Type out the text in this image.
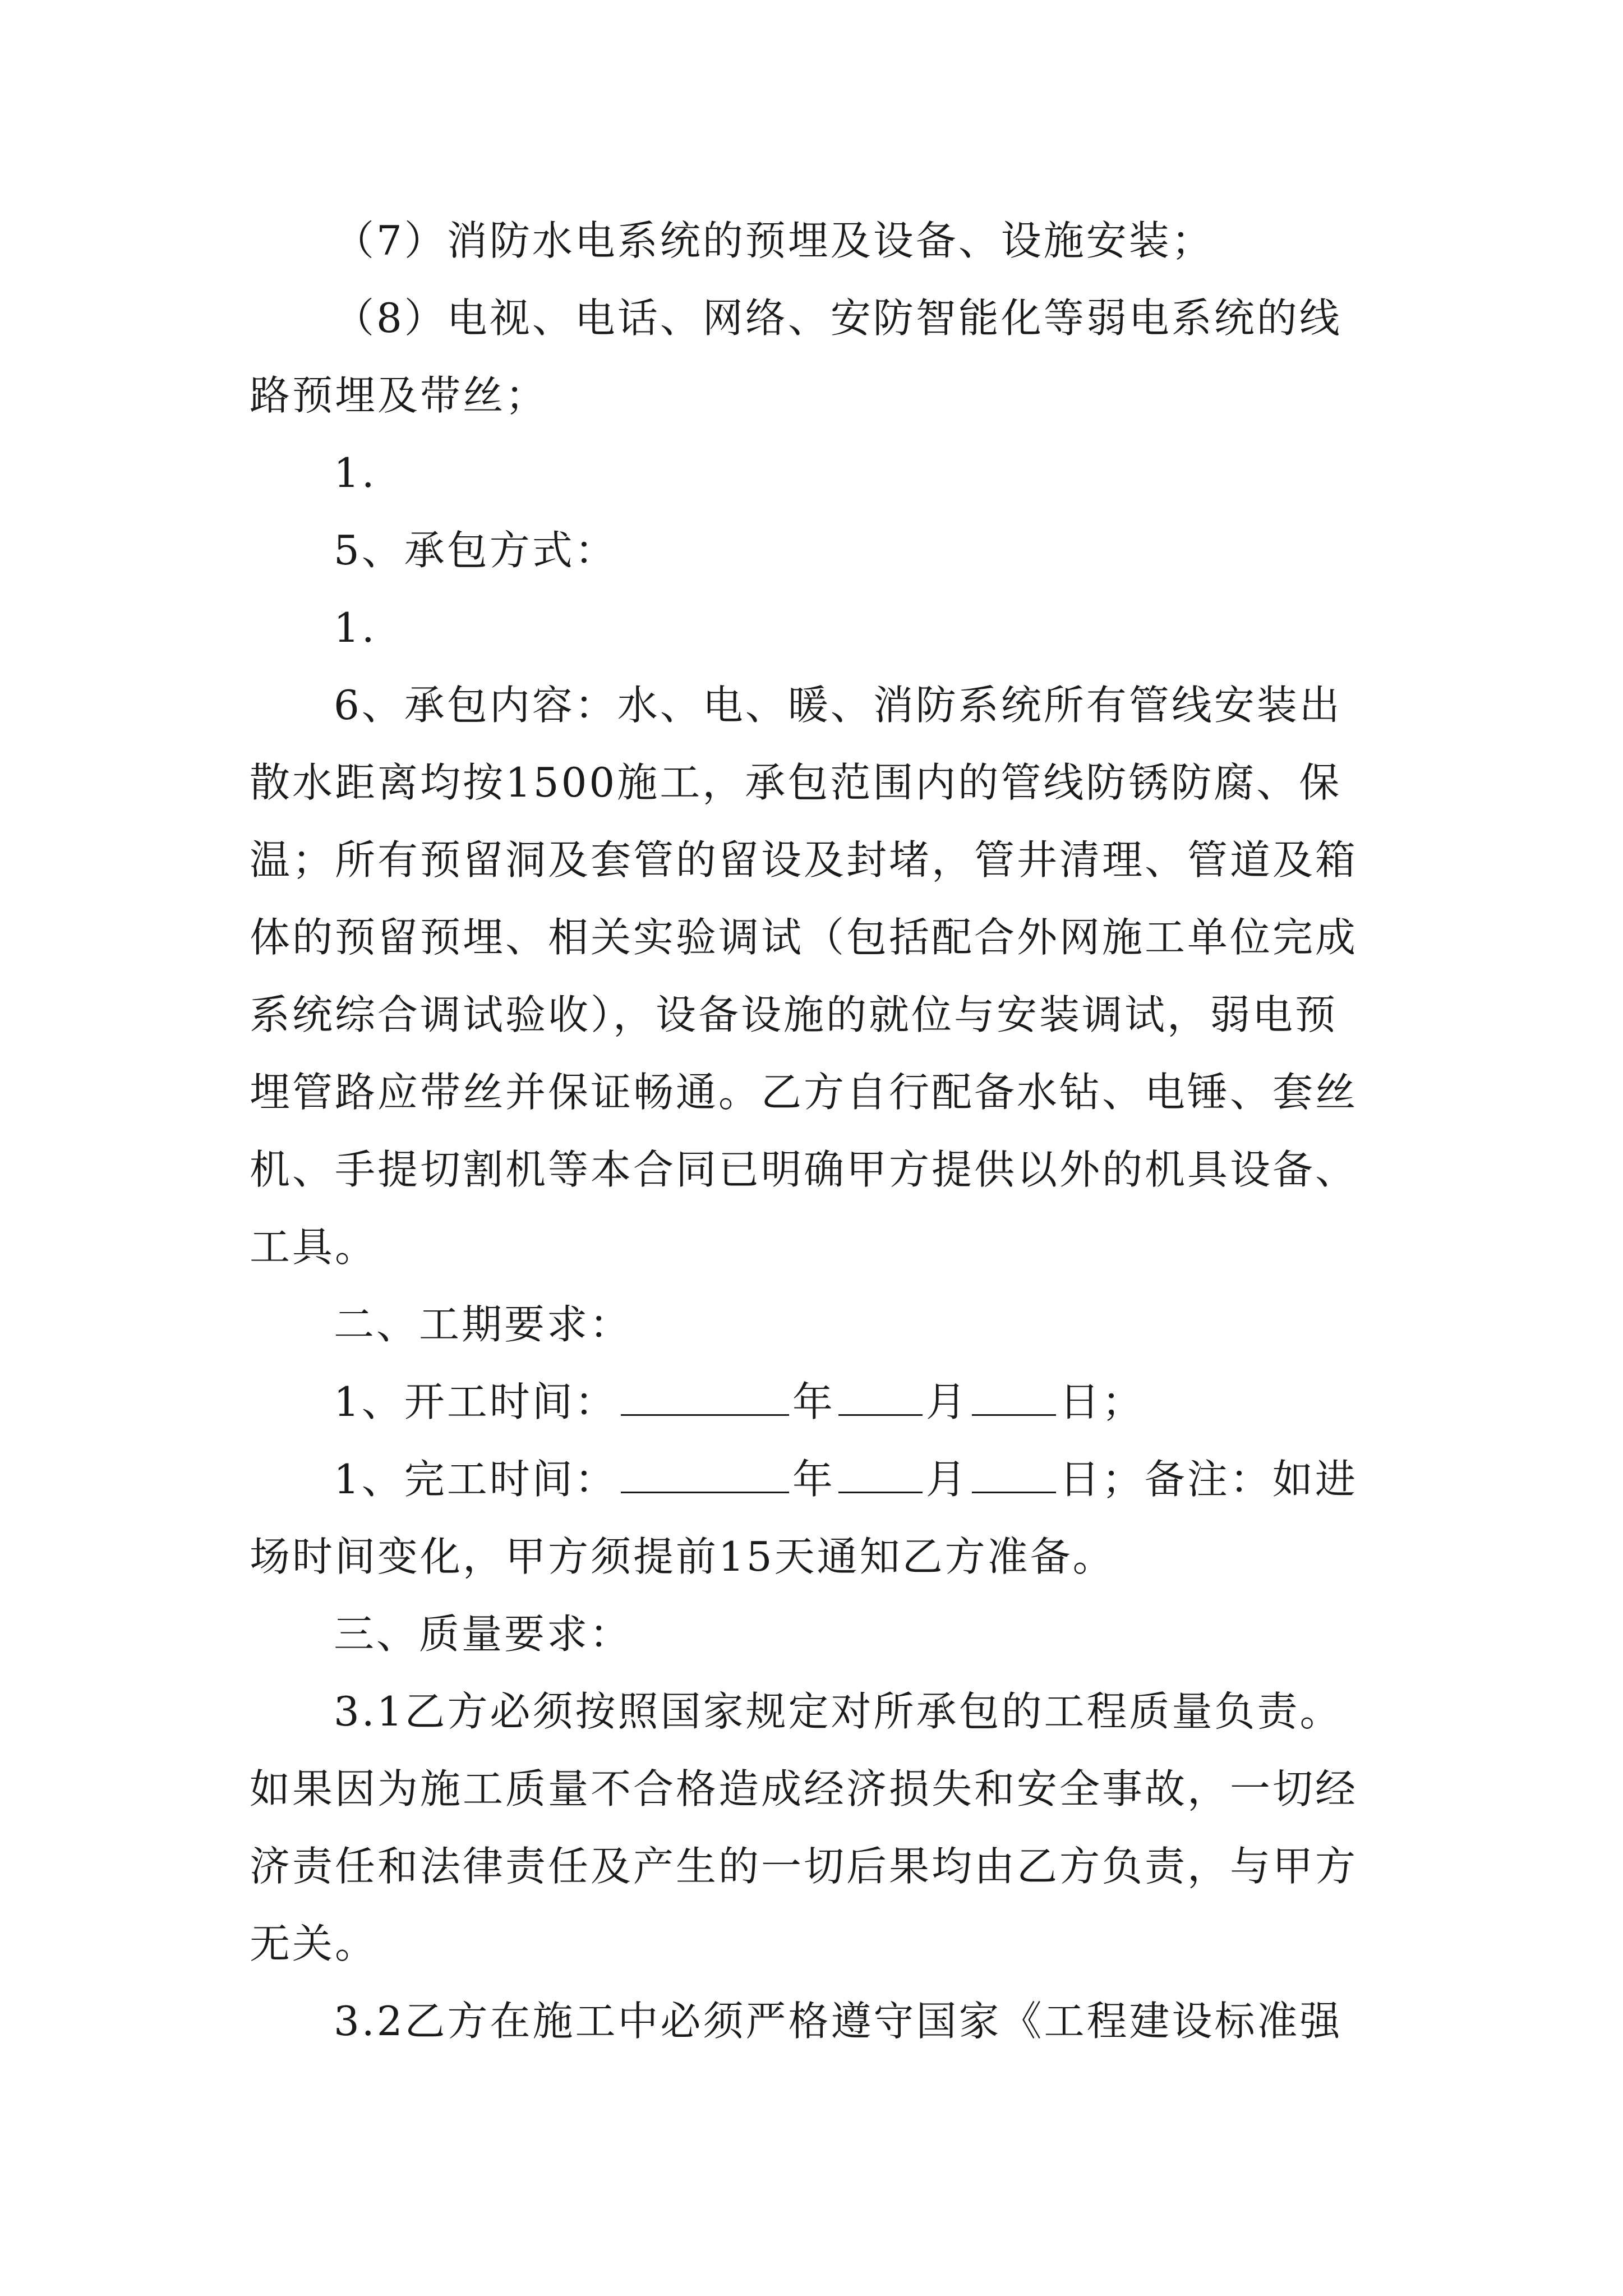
（7）消防水电系统的预埋及设备、设施安装；
（8）电视、电话、网络、安防智能化等弱电系统的线
路预埋及带丝；
1.
5、承包方式：
1.
6、承包内容：水、电、暖、消防系统所有管线安装出
散水距离均按1500施工，承包范围内的管线防锈防腐、保
温；所有预留洞及套管的留设及封堵，管井清理、管道及箱
体的预留预埋、相关实验调试（包括配合外网施工单位完成
系统综合调试验收），设备设施的就位与安装调试，弱电预
埋管路应带丝并保证畅通。乙方自行配备水钻、电锤、套丝
机、手提切割机等本合同已明确甲方提供以外的机具设备、
工具。
二、工期要求：
1、开工时间：	年 月 日；
1、完工时间：	年 月 日；备注：如进
场时间变化，甲方须提前15天通知乙方准备。
三、质量要求：
3.1乙方必须按照国家规定对所承包的工程质量负责。
如果因为施工质量不合格造成经济损失和安全事故，一切经
济责任和法律责任及产生的一切后果均由乙方负责，与甲方
无关。
3.2乙方在施工中必须严格遵守国家《工程建设标准强
